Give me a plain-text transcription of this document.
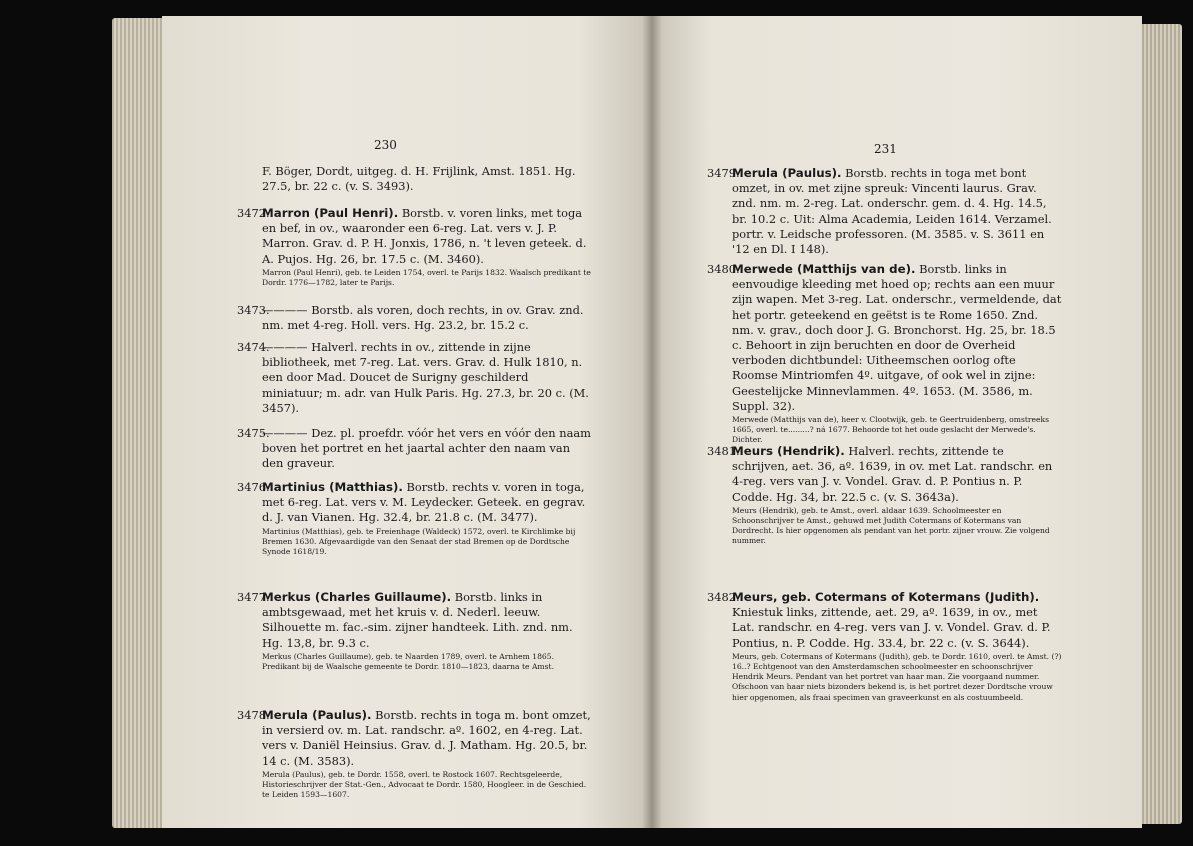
230

F. Böger, Dordt, uitgeg. d. H. Frijlink, Amst. 1851. Hg. 27.5, br. 22 c. (v. S. 3493).

3472.

Marron (Paul Henri). Borstb. v. voren links, met toga en bef, in ov., waaronder een 6-reg. Lat. vers v. J. P. Marron. Grav. d. P. H. Jonxis, 1786, n. 't leven geteek. d. A. Pujos. Hg. 26, br. 17.5 c. (M. 3460).

Marron (Paul Henri), geb. te Leiden 1754, overl. te Parijs 1832. Waalsch predikant te Dordr. 1776—1782, later te Parijs.

3473.

———— Borstb. als voren, doch rechts, in ov. Grav. znd. nm. met 4-reg. Holl. vers. Hg. 23.2, br. 15.2 c.

3474.

———— Halverl. rechts in ov., zittende in zijne bibliotheek, met 7-reg. Lat. vers. Grav. d. Hulk 1810, n. een door Mad. Doucet de Surigny geschilderd miniatuur; m. adr. van Hulk Paris. Hg. 27.3, br. 20 c. (M. 3457).

3475.

———— Dez. pl. proefdr. vóór het vers en vóór den naam boven het portret en het jaartal achter den naam van den graveur.

3476.

Martinius (Matthias). Borstb. rechts v. voren in toga, met 6-reg. Lat. vers v. M. Leydecker. Geteek. en gegrav. d. J. van Vianen. Hg. 32.4, br. 21.8 c. (M. 3477).

Martinius (Matthias), geb. te Freienhage (Waldeck) 1572, overl. te Kirchlimke bij Bremen 1630. Afgevaardigde van den Senaat der stad Bremen op de Dordtsche Synode 1618/19.

3477.

Merkus (Charles Guillaume). Borstb. links in ambtsgewaad, met het kruis v. d. Nederl. leeuw. Silhouette m. fac.-sim. zijner handteek. Lith. znd. nm. Hg. 13,8, br. 9.3 c.

Merkus (Charles Guillaume), geb. te Naarden 1789, overl. te Arnhem 1865. Predikant bij de Waalsche gemeente te Dordr. 1810—1823, daarna te Amst.

3478.

Merula (Paulus). Borstb. rechts in toga m. bont omzet, in versierd ov. m. Lat. randschr. aº. 1602, en 4-reg. Lat. vers v. Daniël Heinsius. Grav. d. J. Matham. Hg. 20.5, br. 14 c. (M. 3583).

Merula (Paulus), geb. te Dordr. 1558, overl. te Rostock 1607. Rechtsgeleerde, Historieschrijver der Stat.-Gen., Advocaat te Dordr. 1580, Hoogleer. in de Geschied. te Leiden 1593—1607.

231
3479.

Merula (Paulus). Borstb. rechts in toga met bont omzet, in ov. met zijne spreuk: Vincenti laurus. Grav. znd. nm. m. 2-reg. Lat. onderschr. gem. d. 4. Hg. 14.5, br. 10.2 c. Uit: Alma Academia, Leiden 1614. Verzamel. portr. v. Leidsche professoren. (M. 3585. v. S. 3611 en '12 en Dl. I 148).

3480.

Merwede (Matthijs van de). Borstb. links in eenvoudige kleeding met hoed op; rechts aan een muur zijn wapen. Met 3-reg. Lat. onderschr., vermeldende, dat het portr. geteekend en geëtst is te Rome 1650. Znd. nm. v. grav., doch door J. G. Bronchorst. Hg. 25, br. 18.5 c. Behoort in zijn beruchten en door de Overheid verboden dichtbundel: Uitheemschen oorlog ofte Roomse Mintriomfen 4º. uitgave, of ook wel in zijne: Geestelijcke Minnevlammen. 4º. 1653. (M. 3586, m. Suppl. 32).

Merwede (Matthijs van de), heer v. Clootwijk, geb. te Geertruidenberg, omstreeks 1665, overl. te.........? ná 1677. Behoorde tot het oude geslacht der Merwede's. Dichter.

3481.

Meurs (Hendrik). Halverl. rechts, zittende te schrijven, aet. 36, aº. 1639, in ov. met Lat. randschr. en 4-reg. vers van J. v. Vondel. Grav. d. P. Pontius n. P. Codde. Hg. 34, br. 22.5 c. (v. S. 3643a).

Meurs (Hendrik), geb. te Amst., overl. aldaar 1639. Schoolmeester en Schoonschrijver te Amst., gehuwd met Judith Cotermans of Kotermans van Dordrecht. Is hier opgenomen als pendant van het portr. zijner vrouw. Zie volgend nummer.

3482.

Meurs, geb. Cotermans of Kotermans (Judith). Kniestuk links, zittende, aet. 29, aº. 1639, in ov., met Lat. randschr. en 4-reg. vers van J. v. Vondel. Grav. d. P. Pontius, n. P. Codde. Hg. 33.4, br. 22 c. (v. S. 3644).

Meurs, geb. Cotermans of Kotermans (Judith), geb. te Dordr. 1610, overl. te Amst. (?) 16..? Echtgenoot van den Amsterdamschen schoolmeester en schoonschrijver Hendrik Meurs. Pendant van het portret van haar man. Zie voorgaand nummer. Ofschoon van haar niets bizonders bekend is, is het portret dezer Dordtsche vrouw hier opgenomen, als fraai specimen van graveerkunst en als costuumbeeld.
